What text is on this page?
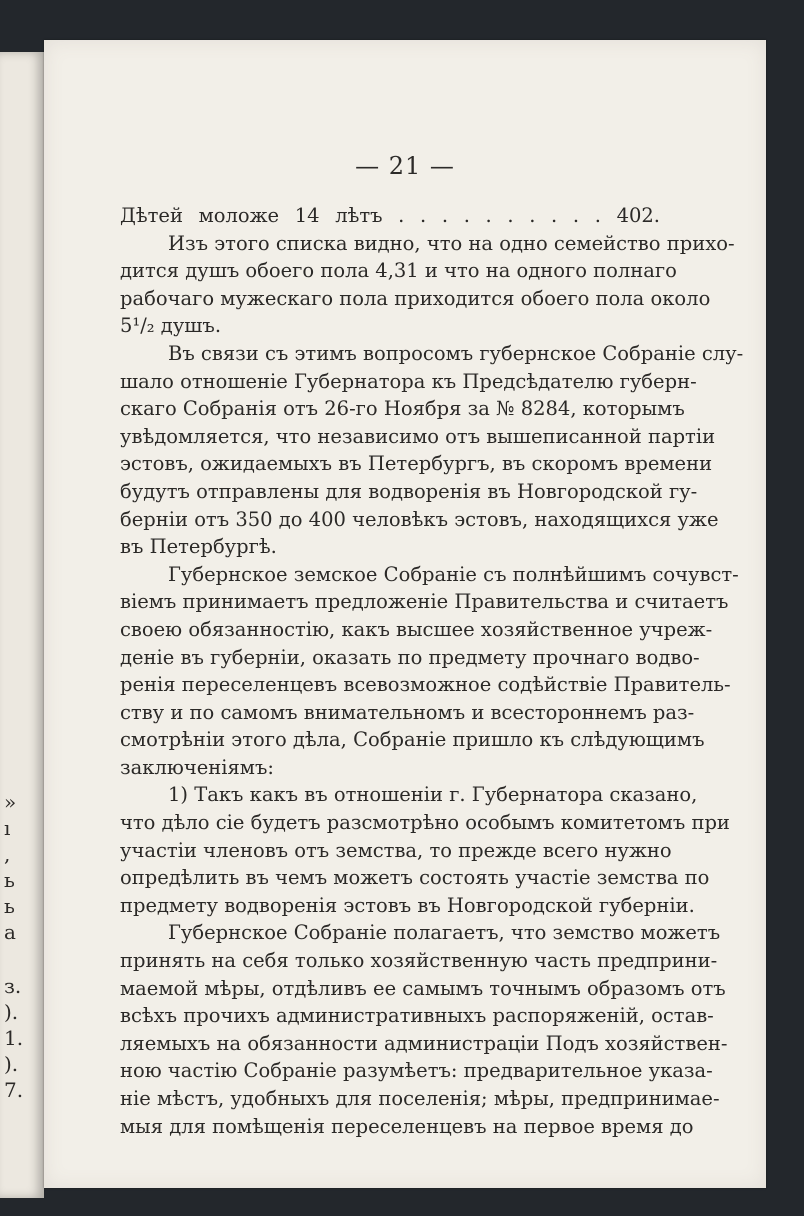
»
ı
,
ь
ь
а
з.
).
1.
).
7.
— 21 —
Дѣтей моложе 14 лѣтъ . . . . . . . . . . 402.
Изъ этого списка видно, что на одно семейство прихо-
дится душъ обоего пола 4,31 и что на одного полнаго
рабочаго мужескаго пола приходится обоего пола около
5¹/₂ душъ.
Въ связи съ этимъ вопросомъ губернское Собраніе слу-
шало отношеніе Губернатора къ Предсѣдателю губерн-
скаго Собранія отъ 26-го Ноября за № 8284, которымъ
увѣдомляется, что независимо отъ вышеписанной партіи
эстовъ, ожидаемыхъ въ Петербургъ, въ скоромъ времени
будутъ отправлены для водворенія въ Новгородской гу-
берніи отъ 350 до 400 человѣкъ эстовъ, находящихся уже
въ Петербургѣ.
Губернское земское Собраніе съ полнѣйшимъ сочувст-
віемъ принимаетъ предложеніе Правительства и считаетъ
своею обязанностію, какъ высшее хозяйственное учреж-
деніе въ губерніи, оказать по предмету прочнаго водво-
ренія переселенцевъ всевозможное содѣйствіе Правитель-
ству и по самомъ внимательномъ и всестороннемъ раз-
смотрѣніи этого дѣла, Собраніе пришло къ слѣдующимъ
заключеніямъ:
1) Такъ какъ въ отношеніи г. Губернатора сказано,
что дѣло сіе будетъ разсмотрѣно особымъ комитетомъ при
участіи членовъ отъ земства, то прежде всего нужно
опредѣлить въ чемъ можетъ состоять участіе земства по
предмету водворенія эстовъ въ Новгородской губерніи.
Губернское Собраніе полагаетъ, что земство можетъ
принять на себя только хозяйственную часть предприни-
маемой мѣры, отдѣливъ ее самымъ точнымъ образомъ отъ
всѣхъ прочихъ административныхъ распоряженій, остав-
ляемыхъ на обязанности администраціи Подъ хозяйствен-
ною частію Собраніе разумѣетъ: предварительное указа-
ніе мѣстъ, удобныхъ для поселенія; мѣры, предпринимае-
мыя для помѣщенія переселенцевъ на первое время до
